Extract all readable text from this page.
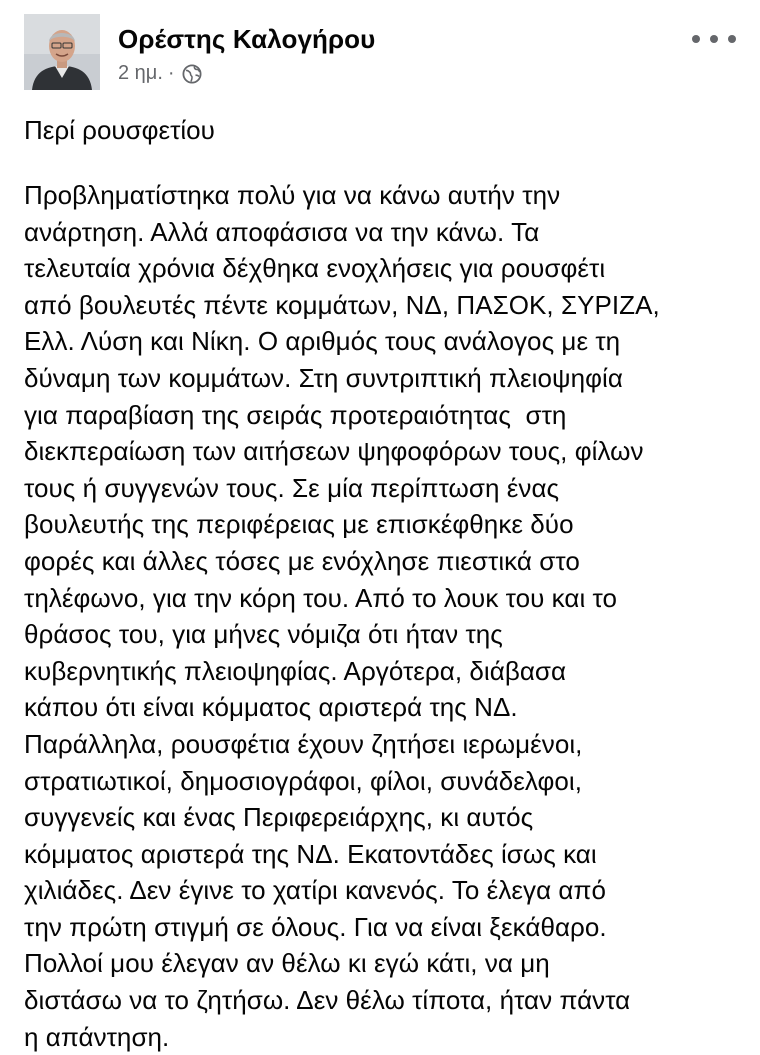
Ορέστης Καλογήρου
2 ημ. ·

Περί ρουσφετίου

Προβληματίστηκα πολύ για να κάνω αυτήν την
ανάρτηση. Αλλά αποφάσισα να την κάνω. Τα
τελευταία χρόνια δέχθηκα ενοχλήσεις για ρουσφέτι
από βουλευτές πέντε κομμάτων, ΝΔ, ΠΑΣΟΚ, ΣΥΡΙΖΑ,
Ελλ. Λύση και Νίκη. Ο αριθμός τους ανάλογος με τη
δύναμη των κομμάτων. Στη συντριπτική πλειοψηφία
για παραβίαση της σειράς προτεραιότητας  στη
διεκπεραίωση των αιτήσεων ψηφοφόρων τους, φίλων
τους ή συγγενών τους. Σε μία περίπτωση ένας
βουλευτής της περιφέρειας με επισκέφθηκε δύο
φορές και άλλες τόσες με ενόχλησε πιεστικά στο
τηλέφωνο, για την κόρη του. Από το λουκ του και το
θράσος του, για μήνες νόμιζα ότι ήταν της
κυβερνητικής πλειοψηφίας. Αργότερα, διάβασα
κάπου ότι είναι κόμματος αριστερά της ΝΔ.
Παράλληλα, ρουσφέτια έχουν ζητήσει ιερωμένοι,
στρατιωτικοί, δημοσιογράφοι, φίλοι, συνάδελφοι,
συγγενείς και ένας Περιφερειάρχης, κι αυτός
κόμματος αριστερά της ΝΔ. Εκατοντάδες ίσως και
χιλιάδες. Δεν έγινε το χατίρι κανενός. Το έλεγα από
την πρώτη στιγμή σε όλους. Για να είναι ξεκάθαρο.
Πολλοί μου έλεγαν αν θέλω κι εγώ κάτι, να μη
διστάσω να το ζητήσω. Δεν θέλω τίποτα, ήταν πάντα
η απάντηση.
